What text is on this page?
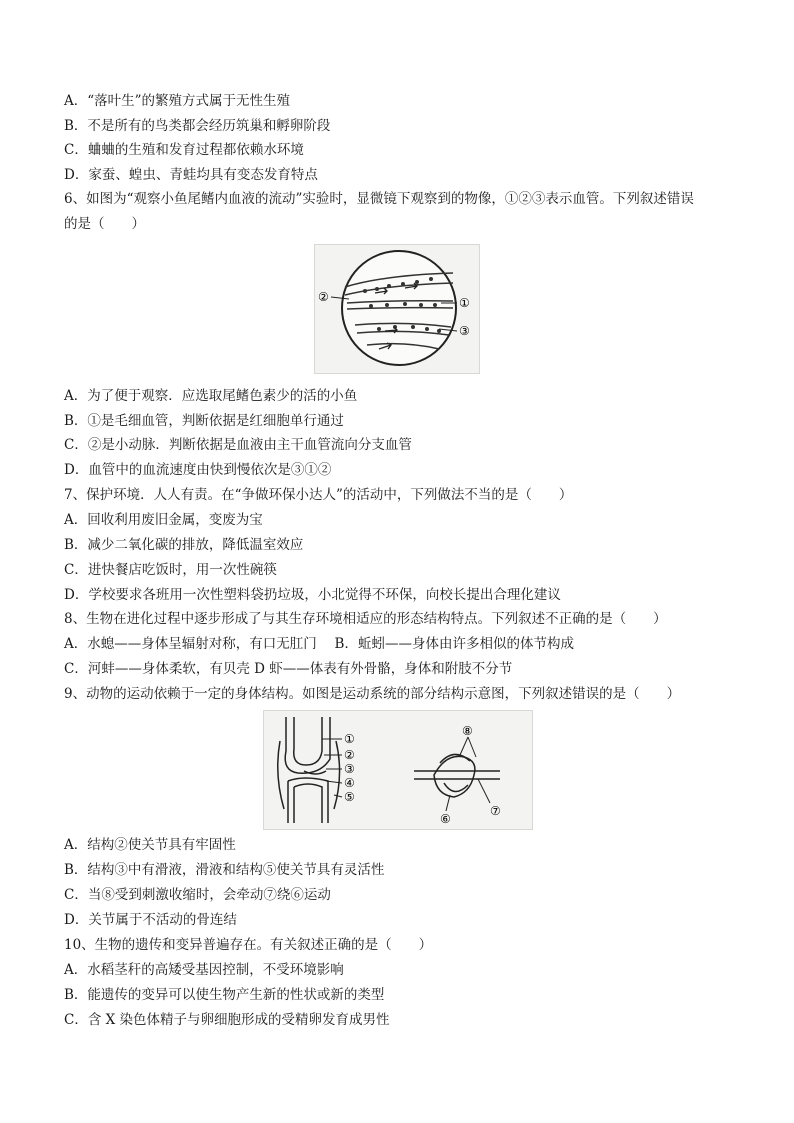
A．“落叶生”的繁殖方式属于无性生殖
B．不是所有的鸟类都会经历筑巢和孵卵阶段
C．蛐蛐的生殖和发育过程都依赖水环境
D．家蚕、蝗虫、青蛙均具有变态发育特点
6、如图为“观察小鱼尾鳍内血液的流动”实验时，显微镜下观察到的物像，①②③表示血管。下列叙述错误
的是（　　）
②	①
③
A．为了便于观察．应选取尾鳍色素少的活的小鱼
B．①是毛细血管，判断依据是红细胞单行通过
C．②是小动脉．判断依据是血液由主干血管流向分支血管
D．血管中的血流速度由快到慢依次是③①②
7、保护环境．人人有责。在“争做环保小达人”的活动中，下列做法不当的是（　　）
A．回收利用废旧金属，变废为宝
B．减少二氧化碳的排放，降低温室效应
C．进快餐店吃饭时，用一次性碗筷
D．学校要求各班用一次性塑料袋扔垃圾，小北觉得不环保，向校长提出合理化建议
8、生物在进化过程中逐步形成了与其生存环境相适应的形态结构特点。下列叙述不正确的是（　　）
A．水螅——身体呈辐射对称，有口无肛门　 B．蚯蚓——身体由许多相似的体节构成
C．河蚌——身体柔软，有贝壳 D 虾——体表有外骨骼，身体和附肢不分节
9、动物的运动依赖于一定的身体结构。如图是运动系统的部分结构示意图，下列叙述错误的是（　　）
①
②
③
④
⑤
⑧
⑥
⑦
A．结构②使关节具有牢固性
B．结构③中有滑液，滑液和结构⑤使关节具有灵活性
C．当⑧受到刺激收缩时，会牵动⑦绕⑥运动
D．关节属于不活动的骨连结
10、生物的遗传和变异普遍存在。有关叙述正确的是（　　）
A．水稻茎秆的高矮受基因控制，不受环境影响
B．能遗传的变异可以使生物产生新的性状或新的类型
C．含 X 染色体精子与卵细胞形成的受精卵发育成男性
